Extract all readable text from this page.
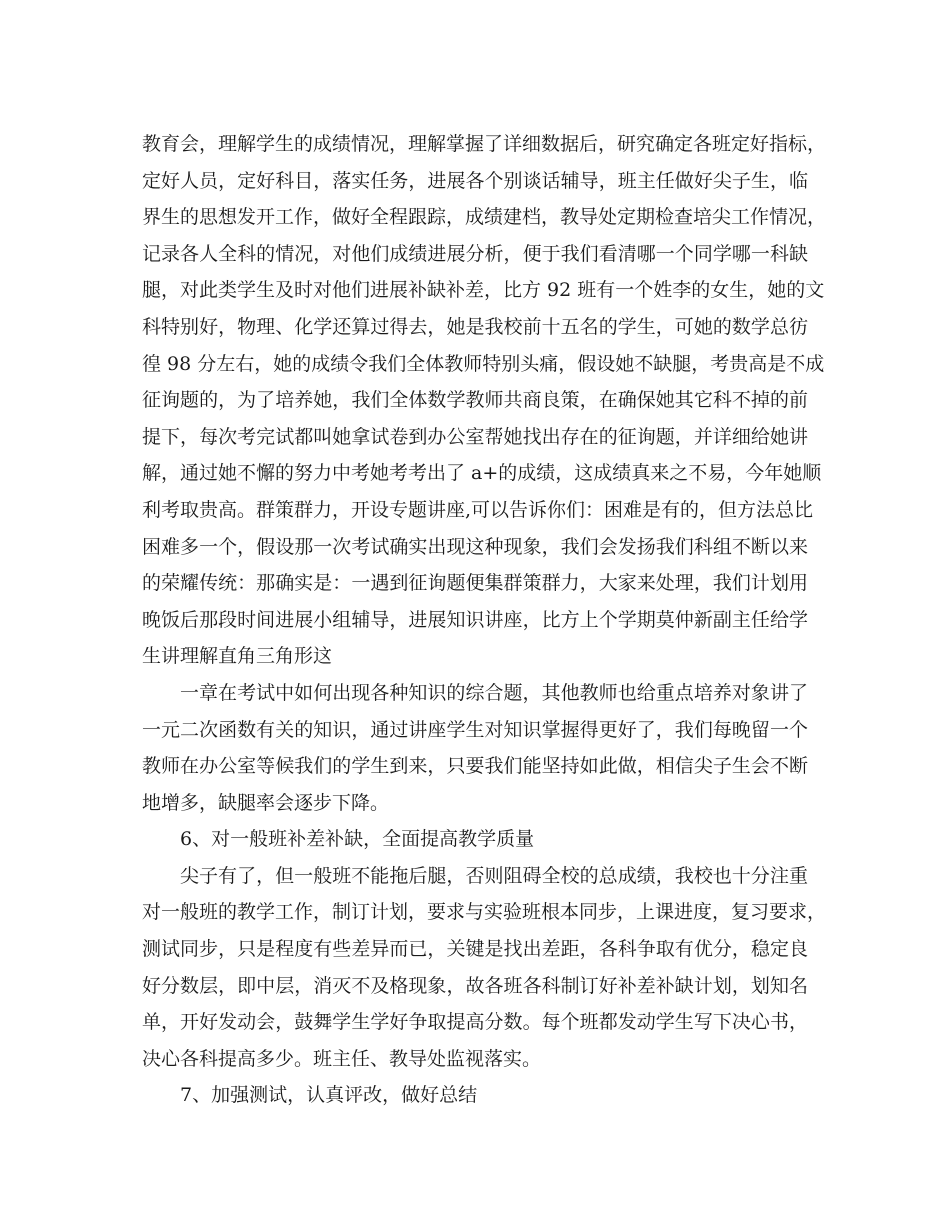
教育会，理解学生的成绩情况，理解掌握了详细数据后，研究确定各班定好指标，
定好人员，定好科目，落实任务，进展各个别谈话辅导，班主任做好尖子生，临
界生的思想发开工作，做好全程跟踪，成绩建档，教导处定期检查培尖工作情况，
记录各人全科的情况，对他们成绩进展分析，便于我们看清哪一个同学哪一科缺
腿，对此类学生及时对他们进展补缺补差，比方 92 班有一个姓李的女生，她的文
科特别好，物理、化学还算过得去，她是我校前十五名的学生，可她的数学总彷
徨 98 分左右，她的成绩令我们全体教师特别头痛，假设她不缺腿，考贵高是不成
征询题的，为了培养她，我们全体数学教师共商良策，在确保她其它科不掉的前
提下，每次考完试都叫她拿试卷到办公室帮她找出存在的征询题，并详细给她讲
解，通过她不懈的努力中考她考考出了 a+的成绩，这成绩真来之不易，今年她顺
利考取贵高。群策群力，开设专题讲座,可以告诉你们：困难是有的，但方法总比
困难多一个，假设那一次考试确实出现这种现象，我们会发扬我们科组不断以来
的荣耀传统：那确实是：一遇到征询题便集群策群力，大家来处理，我们计划用
晚饭后那段时间进展小组辅导，进展知识讲座，比方上个学期莫仲新副主任给学
生讲理解直角三角形这
一章在考试中如何出现各种知识的综合题，其他教师也给重点培养对象讲了
一元二次函数有关的知识，通过讲座学生对知识掌握得更好了，我们每晚留一个
教师在办公室等候我们的学生到来，只要我们能坚持如此做，相信尖子生会不断
地增多，缺腿率会逐步下降。
6、对一般班补差补缺，全面提高教学质量
尖子有了，但一般班不能拖后腿，否则阻碍全校的总成绩，我校也十分注重
对一般班的教学工作，制订计划，要求与实验班根本同步，上课进度，复习要求，
测试同步，只是程度有些差异而已，关键是找出差距，各科争取有优分，稳定良
好分数层，即中层，消灭不及格现象，故各班各科制订好补差补缺计划，划知名
单，开好发动会，鼓舞学生学好争取提高分数。每个班都发动学生写下决心书，
决心各科提高多少。班主任、教导处监视落实。
7、加强测试，认真评改，做好总结
